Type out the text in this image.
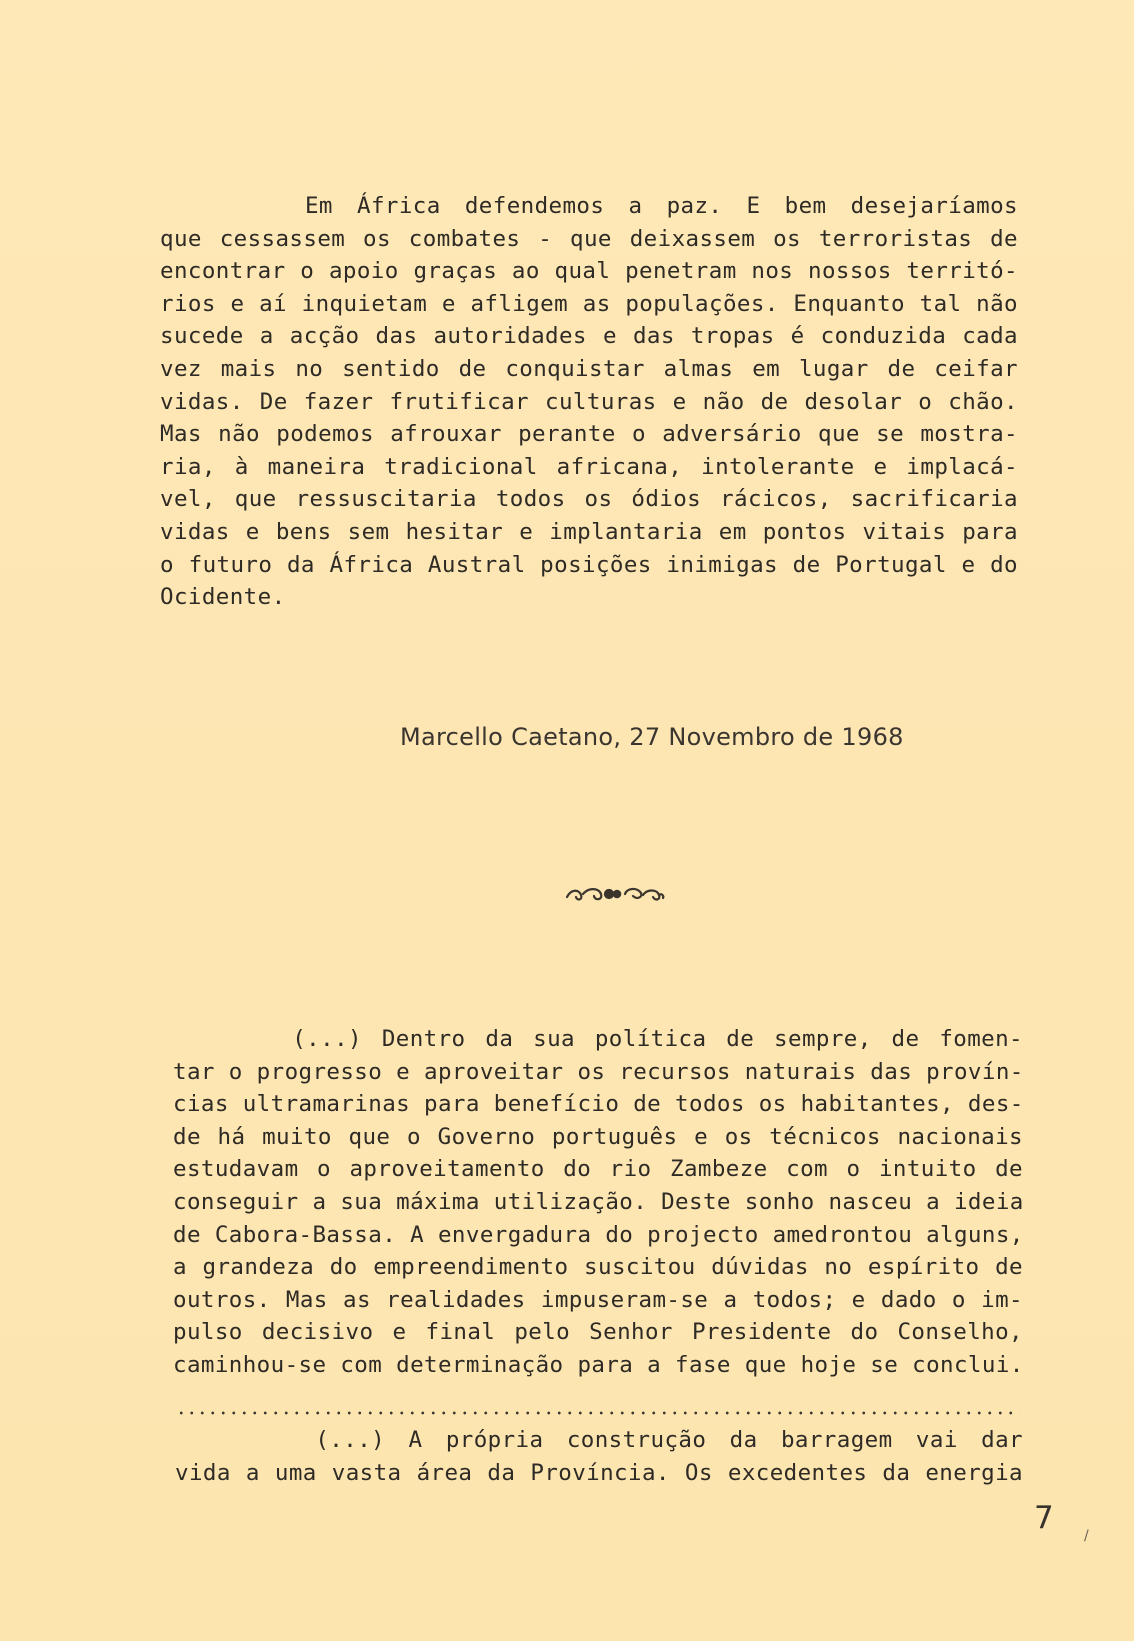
Em África defendemos a paz. E bem desejaríamos
que cessassem os combates - que deixassem os terroristas de
encontrar o apoio graças ao qual penetram nos nossos territó-
rios e aí inquietam e afligem as populações. Enquanto tal não
sucede a acção das autoridades e das tropas é conduzida cada
vez mais no sentido de conquistar almas em lugar de ceifar
vidas. De fazer frutificar culturas e não de desolar o chão.
Mas não podemos afrouxar perante o adversário que se mostra-
ria, à maneira tradicional africana, intolerante e implacá-
vel, que ressuscitaria todos os ódios rácicos, sacrificaria
vidas e bens sem hesitar e implantaria em pontos vitais para
o futuro da África Austral posições inimigas de Portugal e do
Ocidente.

Marcello Caetano, 27 Novembro de 1968

(...) Dentro da sua política de sempre, de fomen-
tar o progresso e aproveitar os recursos naturais das provín-
cias ultramarinas para benefício de todos os habitantes, des-
de há muito que o Governo português e os técnicos nacionais
estudavam o aproveitamento do rio Zambeze com o intuito de
conseguir a sua máxima utilização. Deste sonho nasceu a ideia
de Cabora-Bassa. A envergadura do projecto amedrontou alguns,
a grandeza do empreendimento suscitou dúvidas no espírito de
outros. Mas as realidades impuseram-se a todos; e dado o im-
pulso decisivo e final pelo Senhor Presidente do Conselho,
caminhou-se com determinação para a fase que hoje se conclui.
(...) A própria construção da barragem vai dar
vida a uma vasta área da Província. Os excedentes da energia

7 /
